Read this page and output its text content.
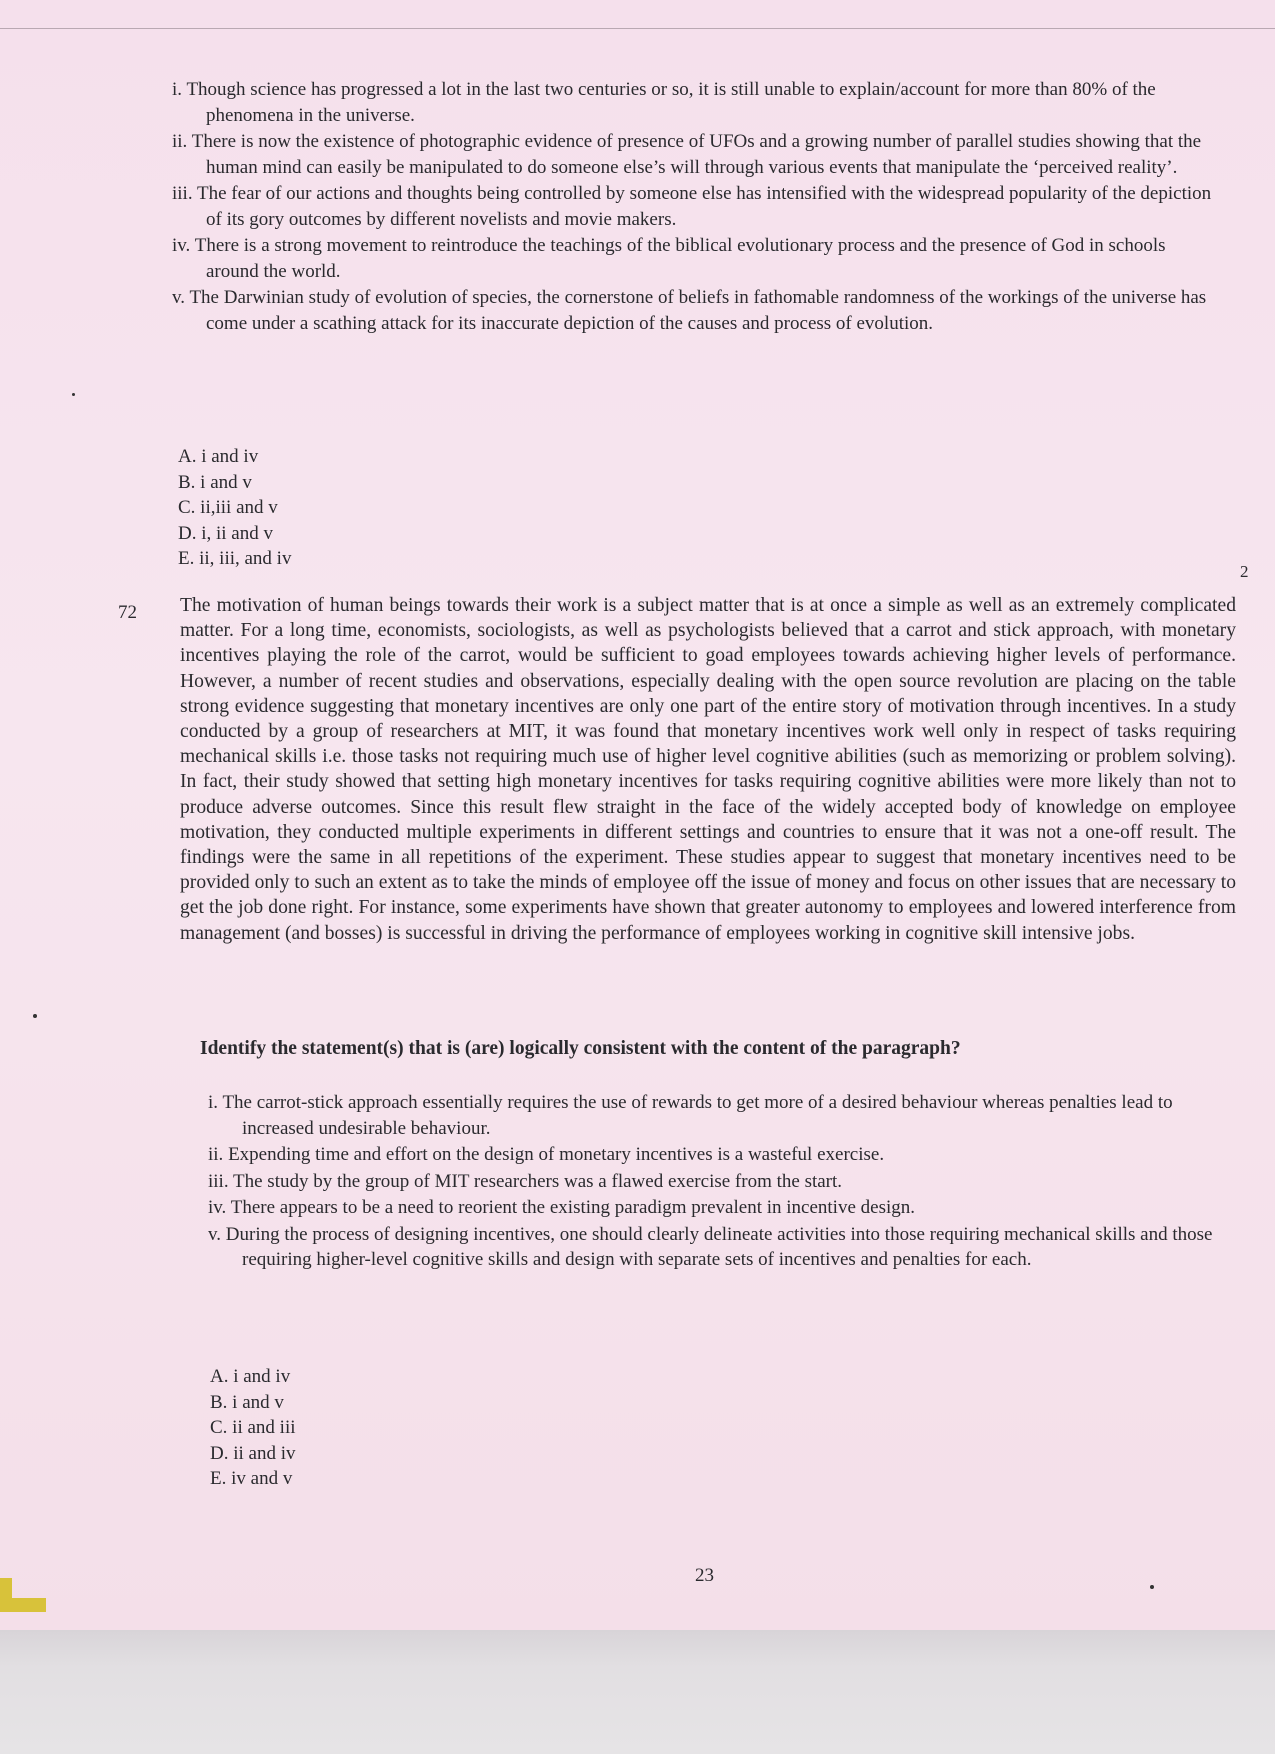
i. Though science has progressed a lot in the last two centuries or so, it is still unable to explain/account for more than 80% of the phenomena in the universe.

ii. There is now the existence of photographic evidence of presence of UFOs and a growing number of parallel studies showing that the human mind can easily be manipulated to do someone else’s will through various events that manipulate the ‘perceived reality’.

iii. The fear of our actions and thoughts being controlled by someone else has intensified with the widespread popularity of the depiction of its gory outcomes by different novelists and movie makers.

iv. There is a strong movement to reintroduce the teachings of the biblical evolutionary process and the presence of God in schools around the world.

v. The Darwinian study of evolution of species, the cornerstone of beliefs in fathomable randomness of the workings of the universe has come under a scathing attack for its inaccurate depiction of the causes and process of evolution.

A. i and iv

B. i and v

C. ii,iii and v

D. i, ii and v

E. ii, iii, and iv

72
2
The motivation of human beings towards their work is a subject matter that is at once a simple as well as an extremely complicated matter. For a long time, economists, sociologists, as well as psychologists believed that a carrot and stick approach, with monetary incentives playing the role of the carrot, would be sufficient to goad employees towards achieving higher levels of performance. However, a number of recent studies and observations, especially dealing with the open source revolution are placing on the table strong evidence suggesting that monetary incentives are only one part of the entire story of motivation through incentives. In a study conducted by a group of researchers at MIT, it was found that monetary incentives work well only in respect of tasks requiring mechanical skills i.e. those tasks not requiring much use of higher level cognitive abilities (such as memorizing or problem solving). In fact, their study showed that setting high monetary incentives for tasks requiring cognitive abilities were more likely than not to produce adverse outcomes. Since this result flew straight in the face of the widely accepted body of knowledge on employee motivation, they conducted multiple experiments in different settings and countries to ensure that it was not a one-off result. The findings were the same in all repetitions of the experiment. These studies appear to suggest that monetary incentives need to be provided only to such an extent as to take the minds of employee off the issue of money and focus on other issues that are necessary to get the job done right. For instance, some experiments have shown that greater autonomy to employees and lowered interference from management (and bosses) is successful in driving the performance of employees working in cognitive skill intensive jobs.
Identify the statement(s) that is (are) logically consistent with the content of the paragraph?

i. The carrot-stick approach essentially requires the use of rewards to get more of a desired behaviour whereas penalties lead to increased undesirable behaviour.

ii. Expending time and effort on the design of monetary incentives is a wasteful exercise.

iii. The study by the group of MIT researchers was a flawed exercise from the start.

iv. There appears to be a need to reorient the existing paradigm prevalent in incentive design.

v. During the process of designing incentives, one should clearly delineate activities into those requiring mechanical skills and those requiring higher-level cognitive skills and design with separate sets of incentives and penalties for each.

A. i and iv

B. i and v

C. ii and iii

D. ii and iv

E. iv and v

23
